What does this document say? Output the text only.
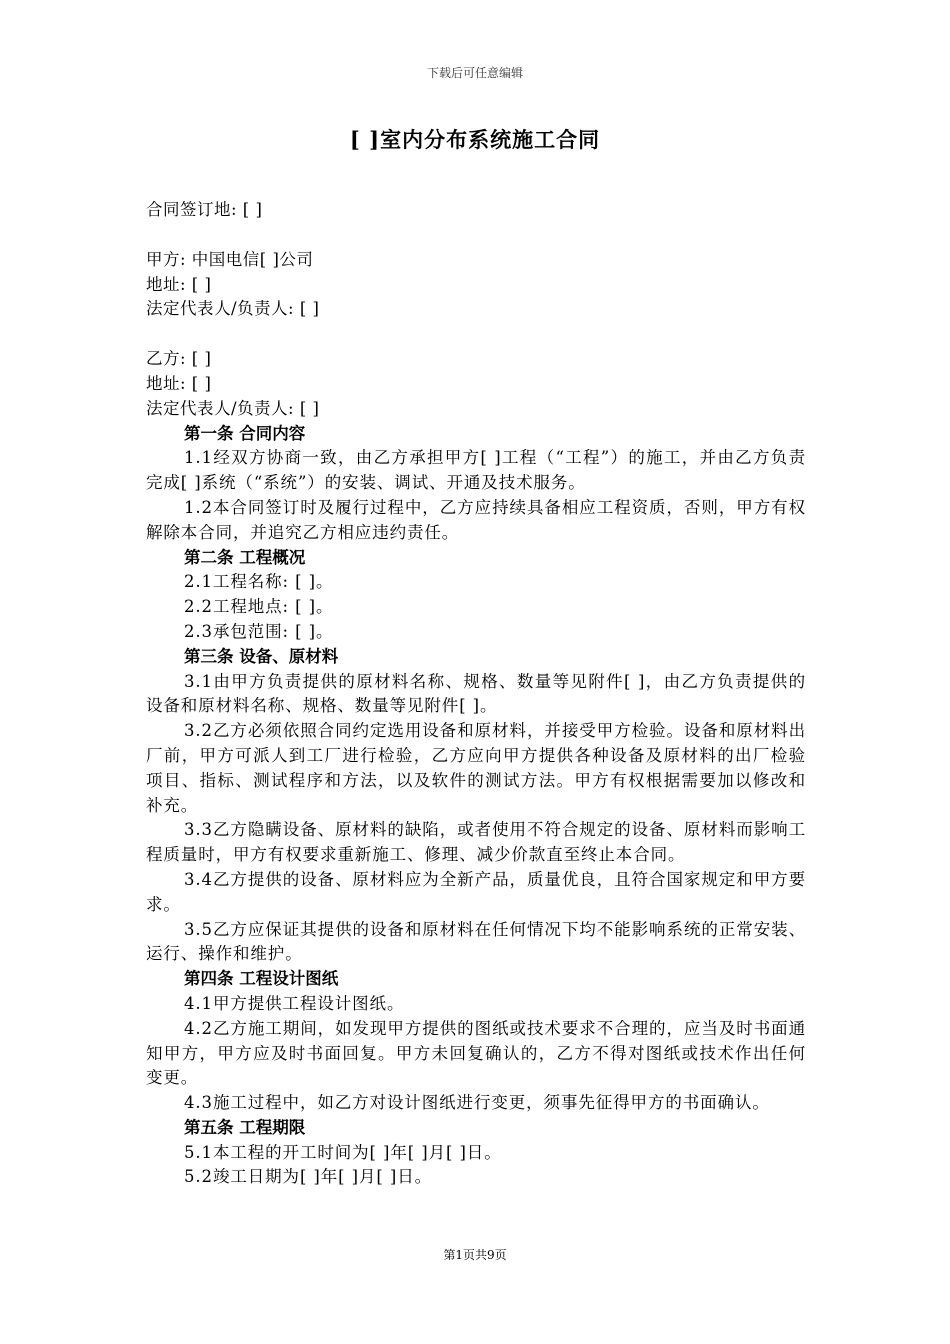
下载后可任意编辑
[ ]室内分布系统施工合同
合同签订地: [ ]
甲方: 中国电信[ ]公司
地址: [ ]
法定代表人/负责人: [ ]
乙方: [ ]
地址: [ ]
法定代表人/负责人: [ ]
第一条 合同内容
1.1经双方协商一致，由乙方承担甲方[ ]工程（“工程”）的施工，并由乙方负责完成[ ]系统（“系统”）的安装、调试、开通及技术服务。
1.2本合同签订时及履行过程中，乙方应持续具备相应工程资质，否则，甲方有权解除本合同，并追究乙方相应违约责任。
第二条 工程概况
2.1工程名称: [ ]。
2.2工程地点: [ ]。
2.3承包范围: [ ]。
第三条 设备、原材料
3.1由甲方负责提供的原材料名称、规格、数量等见附件[ ]，由乙方负责提供的设备和原材料名称、规格、数量等见附件[ ]。
3.2乙方必须依照合同约定选用设备和原材料，并接受甲方检验。设备和原材料出厂前，甲方可派人到工厂进行检验，乙方应向甲方提供各种设备及原材料的出厂检验项目、指标、测试程序和方法，以及软件的测试方法。甲方有权根据需要加以修改和补充。
3.3乙方隐瞒设备、原材料的缺陷，或者使用不符合规定的设备、原材料而影响工程质量时，甲方有权要求重新施工、修理、减少价款直至终止本合同。
3.4乙方提供的设备、原材料应为全新产品，质量优良，且符合国家规定和甲方要求。
3.5乙方应保证其提供的设备和原材料在任何情况下均不能影响系统的正常安装、运行、操作和维护。
第四条 工程设计图纸
4.1甲方提供工程设计图纸。
4.2乙方施工期间，如发现甲方提供的图纸或技术要求不合理的，应当及时书面通知甲方，甲方应及时书面回复。甲方未回复确认的，乙方不得对图纸或技术作出任何变更。
4.3施工过程中，如乙方对设计图纸进行变更，须事先征得甲方的书面确认。
第五条 工程期限
5.1本工程的开工时间为[ ]年[ ]月[ ]日。
5.2竣工日期为[ ]年[ ]月[ ]日。
第1页共9页
